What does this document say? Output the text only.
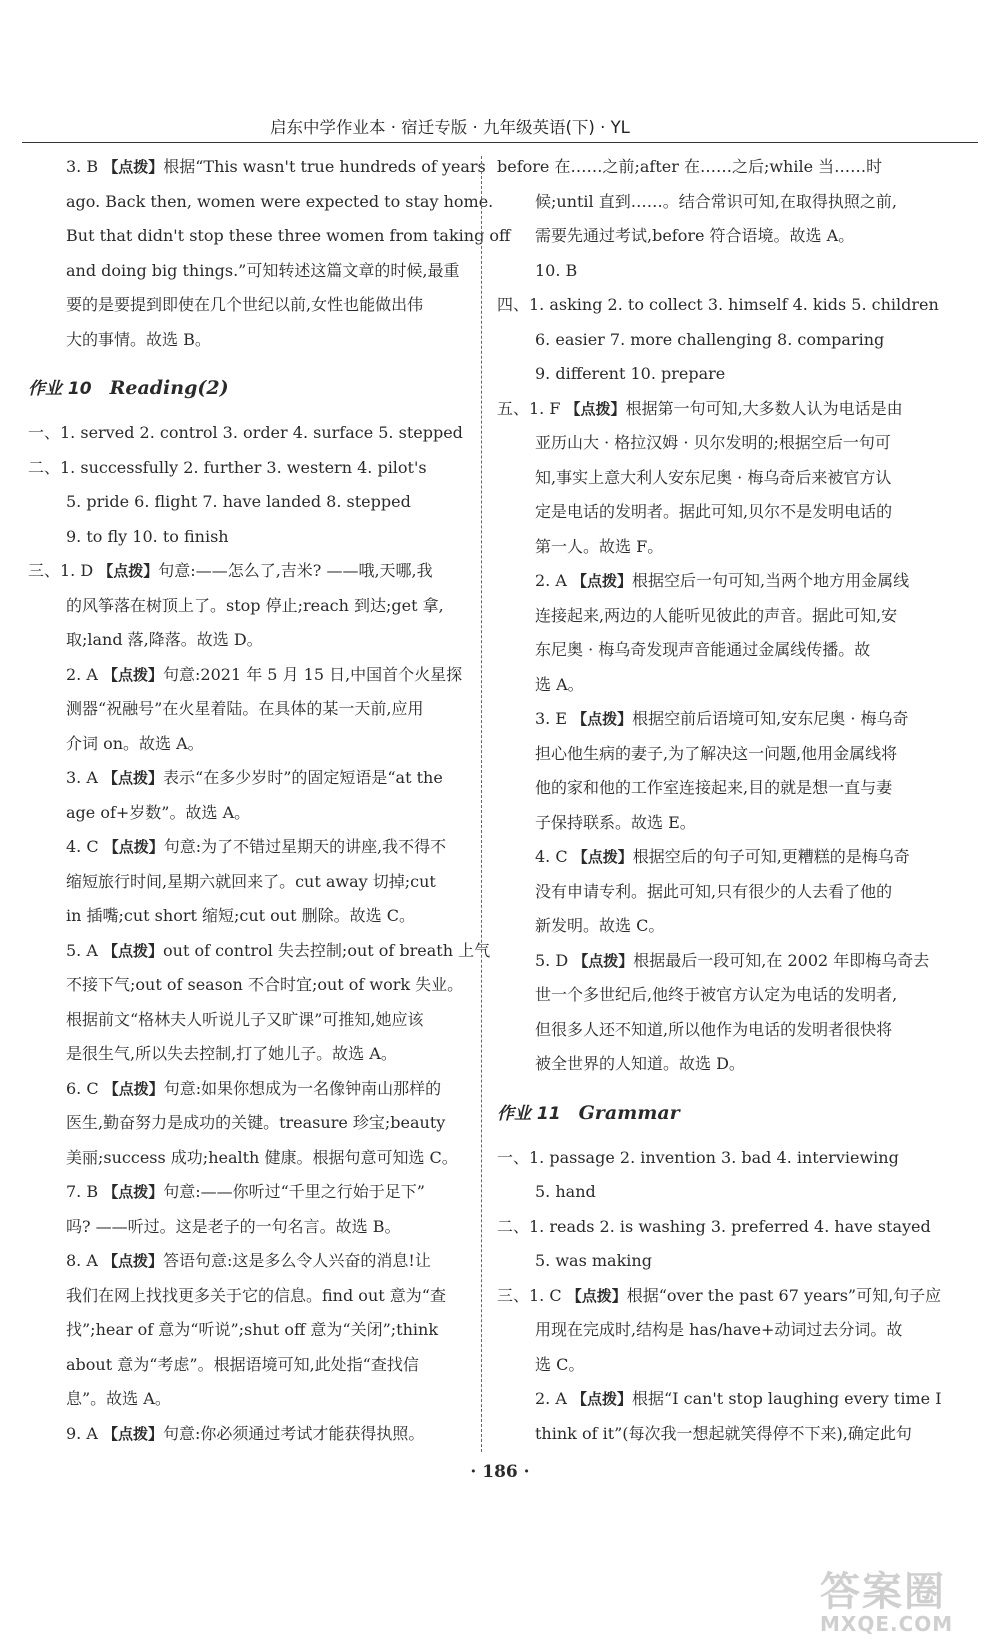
启东中学作业本 · 宿迁专版 · 九年级英语(下) · YL
3. B 【点拨】根据“This wasn't true hundreds of years
ago. Back then, women were expected to stay home.
But that didn't stop these three women from taking off
and doing big things.”可知转述这篇文章的时候,最重
要的是要提到即使在几个世纪以前,女性也能做出伟
大的事情。故选 B。
作业 10 Reading(2)
一、1. served 2. control 3. order 4. surface 5. stepped
二、1. successfully 2. further 3. western 4. pilot's
5. pride 6. flight 7. have landed 8. stepped
9. to fly 10. to finish
三、1. D 【点拨】句意:——怎么了,吉米? ——哦,天哪,我
的风筝落在树顶上了。stop 停止;reach 到达;get 拿,
取;land 落,降落。故选 D。
2. A 【点拨】句意:2021 年 5 月 15 日,中国首个火星探
测器“祝融号”在火星着陆。在具体的某一天前,应用
介词 on。故选 A。
3. A 【点拨】表示“在多少岁时”的固定短语是“at the
age of+岁数”。故选 A。
4. C 【点拨】句意:为了不错过星期天的讲座,我不得不
缩短旅行时间,星期六就回来了。cut away 切掉;cut
in 插嘴;cut short 缩短;cut out 删除。故选 C。
5. A 【点拨】out of control 失去控制;out of breath 上气
不接下气;out of season 不合时宜;out of work 失业。
根据前文“格林夫人听说儿子又旷课”可推知,她应该
是很生气,所以失去控制,打了她儿子。故选 A。
6. C 【点拨】句意:如果你想成为一名像钟南山那样的
医生,勤奋努力是成功的关键。treasure 珍宝;beauty
美丽;success 成功;health 健康。根据句意可知选 C。
7. B 【点拨】句意:——你听过“千里之行始于足下”
吗? ——听过。这是老子的一句名言。故选 B。
8. A 【点拨】答语句意:这是多么令人兴奋的消息!让
我们在网上找找更多关于它的信息。find out 意为“查
找”;hear of 意为“听说”;shut off 意为“关闭”;think
about 意为“考虑”。根据语境可知,此处指“查找信
息”。故选 A。
9. A 【点拨】句意:你必须通过考试才能获得执照。
before 在……之前;after 在……之后;while 当……时
候;until 直到……。结合常识可知,在取得执照之前,
需要先通过考试,before 符合语境。故选 A。
10. B
四、1. asking 2. to collect 3. himself 4. kids 5. children
6. easier 7. more challenging 8. comparing
9. different 10. prepare
五、1. F 【点拨】根据第一句可知,大多数人认为电话是由
亚历山大 · 格拉汉姆 · 贝尔发明的;根据空后一句可
知,事实上意大利人安东尼奥 · 梅乌奇后来被官方认
定是电话的发明者。据此可知,贝尔不是发明电话的
第一人。故选 F。
2. A 【点拨】根据空后一句可知,当两个地方用金属线
连接起来,两边的人能听见彼此的声音。据此可知,安
东尼奥 · 梅乌奇发现声音能通过金属线传播。故
选 A。
3. E 【点拨】根据空前后语境可知,安东尼奥 · 梅乌奇
担心他生病的妻子,为了解决这一问题,他用金属线将
他的家和他的工作室连接起来,目的就是想一直与妻
子保持联系。故选 E。
4. C 【点拨】根据空后的句子可知,更糟糕的是梅乌奇
没有申请专利。据此可知,只有很少的人去看了他的
新发明。故选 C。
5. D 【点拨】根据最后一段可知,在 2002 年即梅乌奇去
世一个多世纪后,他终于被官方认定为电话的发明者,
但很多人还不知道,所以他作为电话的发明者很快将
被全世界的人知道。故选 D。
作业 11 Grammar
一、1. passage 2. invention 3. bad 4. interviewing
5. hand
二、1. reads 2. is washing 3. preferred 4. have stayed
5. was making
三、1. C 【点拨】根据“over the past 67 years”可知,句子应
用现在完成时,结构是 has/have+动词过去分词。故
选 C。
2. A 【点拨】根据“I can't stop laughing every time I
think of it”(每次我一想起就笑得停不下来),确定此句
· 186 ·
答案圈
MXQE.COM
